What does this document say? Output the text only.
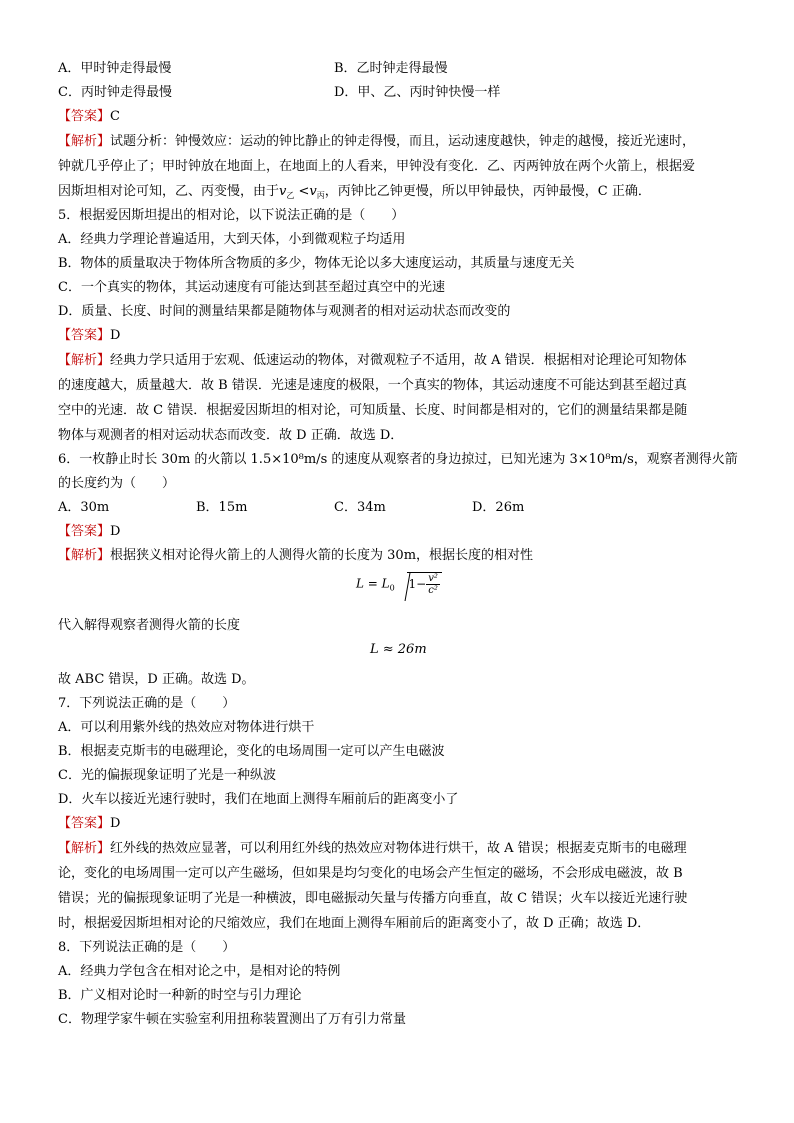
A．甲时钟走得最慢	B．乙时钟走得最慢
C．丙时钟走得最慢	D．甲、乙、丙时钟快慢一样
【答案】C
【解析】试题分析：钟慢效应：运动的钟比静止的钟走得慢，而且，运动速度越快，钟走的越慢，接近光速时，
钟就几乎停止了；甲时钟放在地面上，在地面上的人看来，甲钟没有变化．乙、丙两钟放在两个火箭上，根据爱
因斯坦相对论可知，乙、丙变慢，由于$v_乙 <v_丙$，丙钟比乙钟更慢，所以甲钟最快，丙钟最慢，C 正确．
5．根据爱因斯坦提出的相对论，以下说法正确的是（　　）
A．经典力学理论普遍适用，大到天体，小到微观粒子均适用
B．物体的质量取决于物体所含物质的多少，物体无论以多大速度运动，其质量与速度无关
C．一个真实的物体，其运动速度有可能达到甚至超过真空中的光速
D．质量、长度、时间的测量结果都是随物体与观测者的相对运动状态而改变的
【答案】D
【解析】经典力学只适用于宏观、低速运动的物体，对微观粒子不适用，故 A 错误．根据相对论理论可知物体
的速度越大，质量越大．故 B 错误．光速是速度的极限，一个真实的物体，其运动速度不可能达到甚至超过真
空中的光速．故 C 错误．根据爱因斯坦的相对论，可知质量、长度、时间都是相对的，它们的测量结果都是随
物体与观测者的相对运动状态而改变．故 D 正确．故选 D．
6．一枚静止时长 30m 的火箭以 1.5×10⁸m/s 的速度从观察者的身边掠过，已知光速为 3×10⁸m/s，观察者测得火箭
的长度约为（　　）
A．30m	B．15m	C．34m	D．26m
【答案】D
【解析】根据狭义相对论得火箭上的人测得火箭的长度为 30m，根据长度的相对性
$L = L_0$ $1- \frac{\text{v²}}{\text{c²}}$
代入解得观察者测得火箭的长度
L ≈ 26m
故 ABC 错误，D 正确。故选 D。
7．下列说法正确的是（　　）
A．可以利用紫外线的热效应对物体进行烘干
B．根据麦克斯韦的电磁理论，变化的电场周围一定可以产生电磁波
C．光的偏振现象证明了光是一种纵波
D．火车以接近光速行驶时，我们在地面上测得车厢前后的距离变小了
【答案】D
【解析】红外线的热效应显著，可以利用红外线的热效应对物体进行烘干，故 A 错误；根据麦克斯韦的电磁理
论，变化的电场周围一定可以产生磁场，但如果是均匀变化的电场会产生恒定的磁场，不会形成电磁波，故 B
错误；光的偏振现象证明了光是一种横波，即电磁振动矢量与传播方向垂直，故 C 错误；火车以接近光速行驶
时，根据爱因斯坦相对论的尺缩效应，我们在地面上测得车厢前后的距离变小了，故 D 正确；故选 D．
8．下列说法正确的是（　　）
A．经典力学包含在相对论之中，是相对论的特例
B．广义相对论时一种新的时空与引力理论
C．物理学家牛顿在实验室利用扭称装置测出了万有引力常量
